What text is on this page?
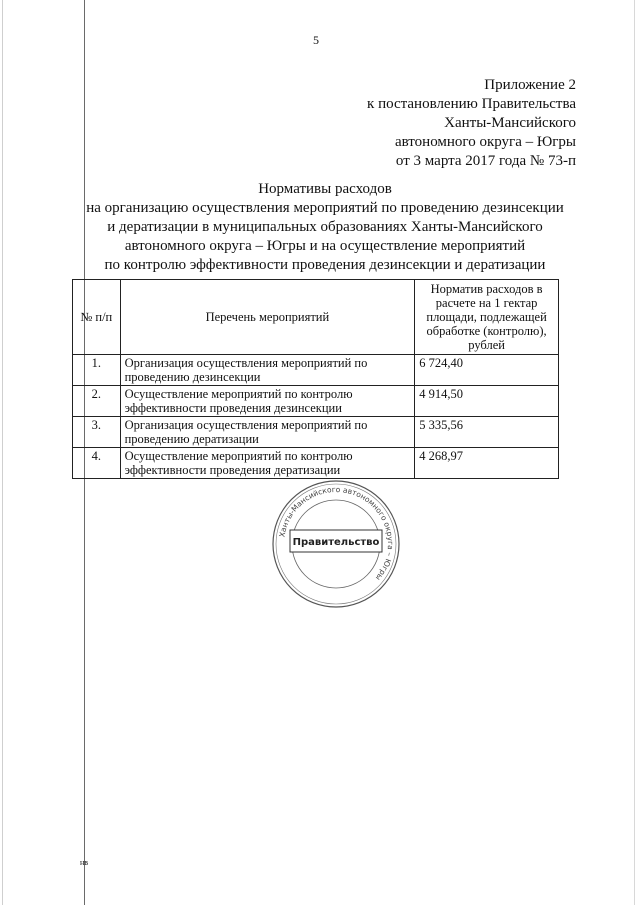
5
Приложение 2
к постановлению Правительства
Ханты-Мансийского
автономного округа – Югры
от 3 марта 2017 года № 73-п
Нормативы расходов
на организацию осуществления мероприятий по проведению дезинсекции
и дератизации в муниципальных образованиях Ханты-Мансийского
автономного округа – Югры и на осуществление мероприятий
по контролю эффективности проведения дезинсекции и дератизации
№ п/п	Перечень мероприятий	Норматив расходов в расчете на 1 гектар площади, подлежащей обработке (контролю), рублей
1.	Организация осуществления мероприятий по проведению дезинсекции	6 724,40
2.	Осуществление мероприятий по контролю эффективности проведения дезинсекции	4 914,50
3.	Организация осуществления мероприятий по проведению дератизации	5 335,56
4.	Осуществление мероприятий по контролю эффективности проведения дератизации	4 268,97
Ханты-Мансийского автономного округа – Югры
Правительство
нв
